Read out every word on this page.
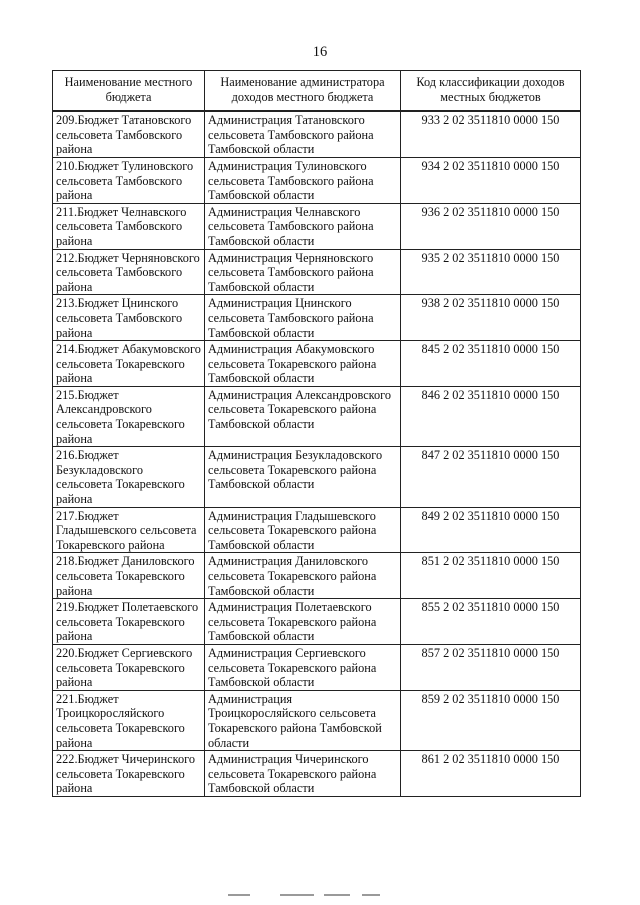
16
Наименование местного бюджета	Наименование администратора доходов местного бюджета	Код классификации доходов местных бюджетов
209.Бюджет Татановского сельсовета Тамбовского района	Администрация Татановского сельсовета Тамбовского района Тамбовской области	933 2 02 3511810 0000 150
210.Бюджет Тулиновского сельсовета Тамбовского района	Администрация Тулиновского сельсовета Тамбовского района Тамбовской области	934 2 02 3511810 0000 150
211.Бюджет Челнавского сельсовета Тамбовского района	Администрация Челнавского сельсовета Тамбовского района Тамбовской области	936 2 02 3511810 0000 150
212.Бюджет Черняновского сельсовета Тамбовского района	Администрация Черняновского сельсовета Тамбовского района Тамбовской области	935 2 02 3511810 0000 150
213.Бюджет Цнинского сельсовета Тамбовского района	Администрация Цнинского сельсовета Тамбовского района Тамбовской области	938 2 02 3511810 0000 150
214.Бюджет Абакумовского сельсовета Токаревского района	Администрация Абакумовского сельсовета Токаревского района Тамбовской области	845 2 02 3511810 0000 150
215.Бюджет Александровского сельсовета Токаревского района	Администрация Александровского сельсовета Токаревского района Тамбовской области	846 2 02 3511810 0000 150
216.Бюджет Безукладовского сельсовета Токаревского района	Администрация Безукладовского сельсовета Токаревского района Тамбовской области	847 2 02 3511810 0000 150
217.Бюджет Гладышевского сельсовета Токаревского района	Администрация Гладышевского сельсовета Токаревского района Тамбовской области	849 2 02 3511810 0000 150
218.Бюджет Даниловского сельсовета Токаревского района	Администрация Даниловского сельсовета Токаревского района Тамбовской области	851 2 02 3511810 0000 150
219.Бюджет Полетаевского сельсовета Токаревского района	Администрация Полетаевского сельсовета Токаревского района Тамбовской области	855 2 02 3511810 0000 150
220.Бюджет Сергиевского сельсовета Токаревского района	Администрация Сергиевского сельсовета Токаревского района Тамбовской области	857 2 02 3511810 0000 150
221.Бюджет Троицкоросляйского сельсовета Токаревского района	Администрация Троицкоросляйского сельсовета Токаревского района Тамбовской области	859 2 02 3511810 0000 150
222.Бюджет Чичеринского сельсовета Токаревского района	Администрация Чичеринского сельсовета Токаревского района Тамбовской области	861 2 02 3511810 0000 150
